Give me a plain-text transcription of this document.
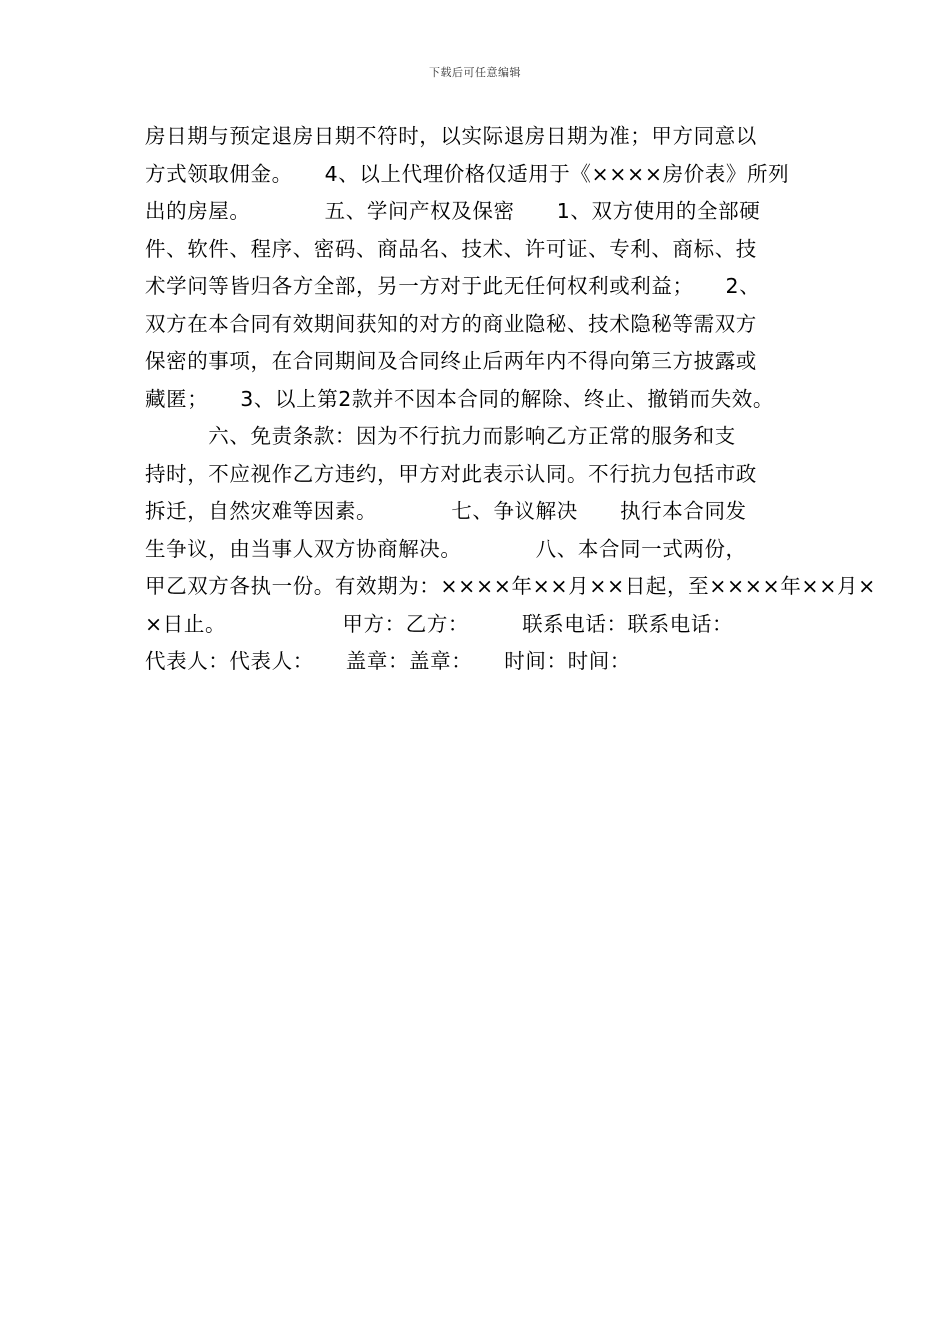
下载后可任意编辑
房日期与预定退房日期不符时，以实际退房日期为准；甲方同意以
方式领取佣金。　　4、以上代理价格仅适用于《××××房价表》所列
出的房屋。　　　　五、学问产权及保密　　1、双方使用的全部硬
件、软件、程序、密码、商品名、技术、许可证、专利、商标、技
术学问等皆归各方全部，另一方对于此无任何权利或利益；　　2、
双方在本合同有效期间获知的对方的商业隐秘、技术隐秘等需双方
保密的事项，在合同期间及合同终止后两年内不得向第三方披露或
藏匿；　　3、以上第2款并不因本合同的解除、终止、撤销而失效。
　　　六、免责条款：因为不行抗力而影响乙方正常的服务和支
持时，不应视作乙方违约，甲方对此表示认同。不行抗力包括市政
拆迁，自然灾难等因素。　　　　七、争议解决　　执行本合同发
生争议，由当事人双方协商解决。　　　　八、本合同一式两份，
甲乙双方各执一份。有效期为：××××年××月××日起，至××××年××月×
×日止。　　　　　　甲方：乙方：　　　联系电话：联系电话：
代表人：代表人：　　盖章：盖章：　　时间：时间：
